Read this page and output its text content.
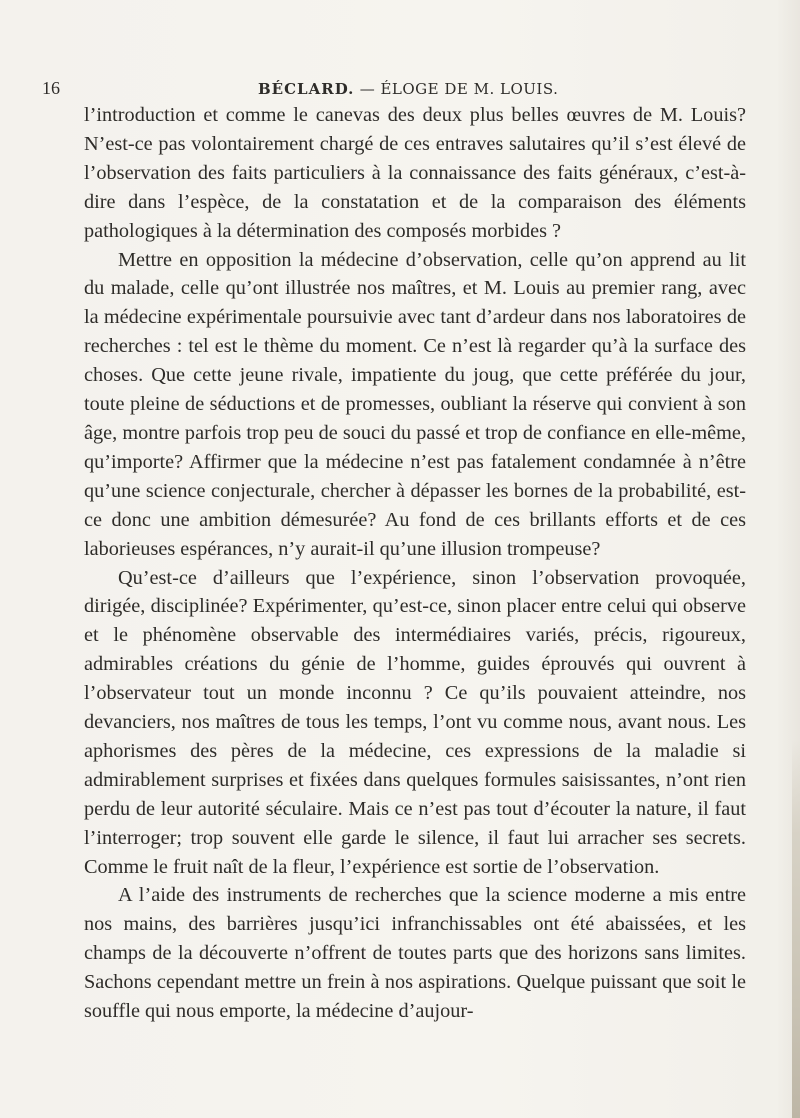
16	BÉCLARD. — ÉLOGE DE M. LOUIS.

l’introduction et comme le canevas des deux plus belles œuvres de M. Louis? N’est-ce pas volontairement chargé de ces entraves salutaires qu’il s’est élevé de l’observation des faits particuliers à la connaissance des faits généraux, c’est-à-dire dans l’espèce, de la constatation et de la comparaison des éléments pathologiques à la détermination des composés morbides ?

Mettre en opposition la médecine d’observation, celle qu’on apprend au lit du malade, celle qu’ont illustrée nos maîtres, et M. Louis au premier rang, avec la médecine expérimentale poursuivie avec tant d’ardeur dans nos laboratoires de recherches : tel est le thème du moment. Ce n’est là regarder qu’à la surface des choses. Que cette jeune rivale, impatiente du joug, que cette préférée du jour, toute pleine de séductions et de promesses, oubliant la réserve qui convient à son âge, montre parfois trop peu de souci du passé et trop de confiance en elle-même, qu’importe? Affirmer que la médecine n’est pas fatalement condamnée à n’être qu’une science conjecturale, chercher à dépasser les bornes de la probabilité, est-ce donc une ambition démesurée? Au fond de ces brillants efforts et de ces laborieuses espérances, n’y aurait-il qu’une illusion trompeuse?

Qu’est-ce d’ailleurs que l’expérience, sinon l’observation provoquée, dirigée, disciplinée? Expérimenter, qu’est-ce, sinon placer entre celui qui observe et le phénomène observable des intermédiaires variés, précis, rigoureux, admirables créations du génie de l’homme, guides éprouvés qui ouvrent à l’observateur tout un monde inconnu ? Ce qu’ils pouvaient atteindre, nos devanciers, nos maîtres de tous les temps, l’ont vu comme nous, avant nous. Les aphorismes des pères de la médecine, ces expressions de la maladie si admirablement surprises et fixées dans quelques formules saisissantes, n’ont rien perdu de leur autorité séculaire. Mais ce n’est pas tout d’écouter la nature, il faut l’interroger; trop souvent elle garde le silence, il faut lui arracher ses secrets. Comme le fruit naît de la fleur, l’expérience est sortie de l’observation.

A l’aide des instruments de recherches que la science moderne a mis entre nos mains, des barrières jusqu’ici infranchissables ont été abaissées, et les champs de la découverte n’offrent de toutes parts que des horizons sans limites. Sachons cependant mettre un frein à nos aspirations. Quelque puissant que soit le souffle qui nous emporte, la médecine d’aujour-
